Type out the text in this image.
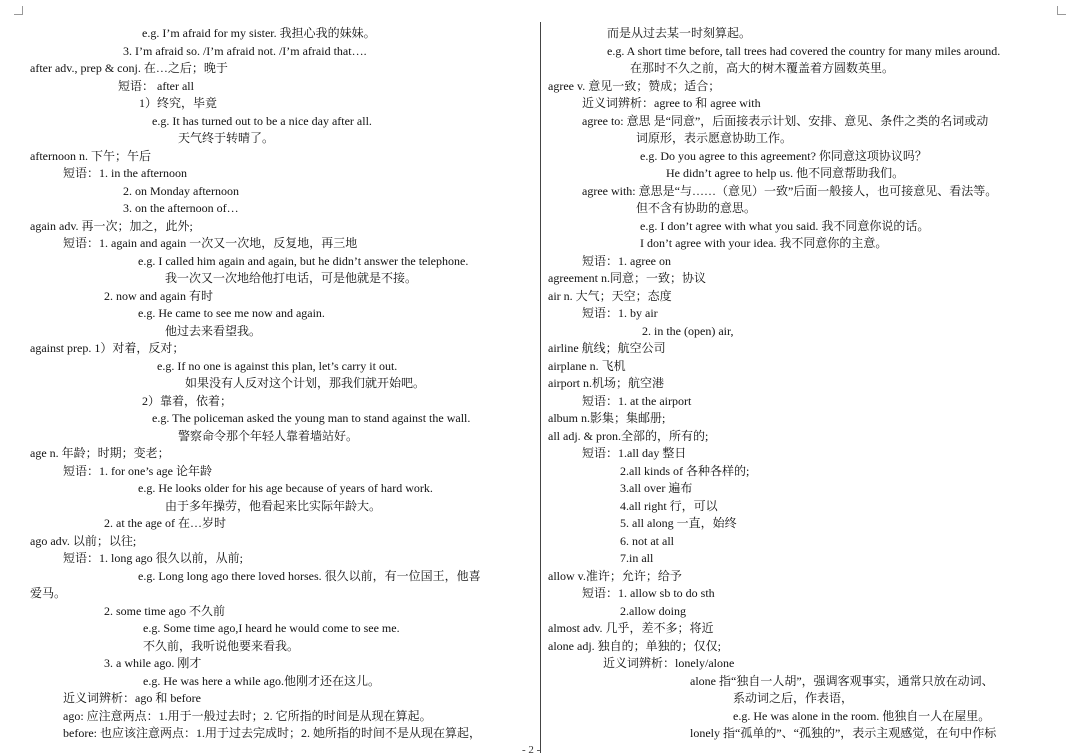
e.g. I’m afraid for my sister. 我担心我的妹妹。
3. I’m afraid so. /I’m afraid not. /I’m afraid that….
after adv., prep & conj. 在…之后；晚于
短语： after all
1）终究，毕竟
e.g. It has turned out to be a nice day after all.
天气终于转晴了。
afternoon n. 下午；午后
短语：1. in the afternoon
2. on Monday afternoon
3. on the afternoon of…
again adv. 再一次；加之，此外;
短语：1. again and again 一次又一次地，反复地，再三地
e.g. I called him again and again, but he didn’t answer the telephone.
我一次又一次地给他打电话，可是他就是不接。
2. now and again 有时
e.g. He came to see me now and again.
他过去来看望我。
against prep. 1）对着，反对；
e.g. If no one is against this plan, let’s carry it out.
如果没有人反对这个计划，那我们就开始吧。
2）靠着，依着；
e.g. The policeman asked the young man to stand against the wall.
警察命令那个年轻人靠着墙站好。
age n. 年龄；时期；变老；
短语：1. for one’s age 论年龄
e.g. He looks older for his age because of years of hard work.
由于多年操劳，他看起来比实际年龄大。
2. at the age of 在…岁时
ago adv. 以前；以往;
短语：1. long ago 很久以前，从前;
e.g. Long long ago there loved horses. 很久以前，有一位国王，他喜
爱马。
2. some time ago 不久前
e.g. Some time ago,I heard he would come to see me.
不久前，我听说他要来看我。
3. a while ago. 刚才
e.g. He was here a while ago.他刚才还在这儿。
近义词辨析：ago 和 before
ago: 应注意两点：1.用于一般过去时；2. 它所指的时间是从现在算起。
before: 也应该注意两点：1.用于过去完成时；2. 她所指的时间不是从现在算起，
而是从过去某一时刻算起。
e.g. A short time before, tall trees had covered the country for many miles around.
在那时不久之前，高大的树木覆盖着方圆数英里。
agree v. 意见一致；赞成；适合；
近义词辨析：agree to 和 agree with
agree to: 意思 是“同意”，后面接表示计划、安排、意见、条件之类的名词或动
词原形，表示愿意协助工作。
e.g. Do you agree to this agreement? 你同意这项协议吗？
He didn’t agree to help us. 他不同意帮助我们。
agree with: 意思是“与……（意见）一致”后面一般接人，也可接意见、看法等。
但不含有协助的意思。
e.g. I don’t agree with what you said. 我不同意你说的话。
I don’t agree with your idea. 我不同意你的主意。
短语：1. agree on
agreement n.同意；一致；协议
air n. 大气；天空；态度
短语：1. by air
2. in the (open) air,
airline 航线；航空公司
airplane n. 飞机
airport n.机场；航空港
短语：1. at the airport
album n.影集；集邮册;
all adj. & pron.全部的，所有的;
短语：1.all day 整日
2.all kinds of 各种各样的;
3.all over 遍布
4.all right 行，可以
5. all along 一直，始终
6. not at all
7.in all
allow v.准许；允许；给予
短语：1. allow sb to do sth
2.allow doing
almost adv. 几乎，差不多；将近
alone adj. 独自的；单独的；仅仅;
近义词辨析：lonely/alone
alone 指“独自一人胡”，强调客观事实，通常只放在动词、
系动词之后，作表语，
e.g. He was alone in the room. 他独自一人在屋里。
lonely 指“孤单的”、“孤独的”，表示主观感觉，在句中作标
- 2 -
